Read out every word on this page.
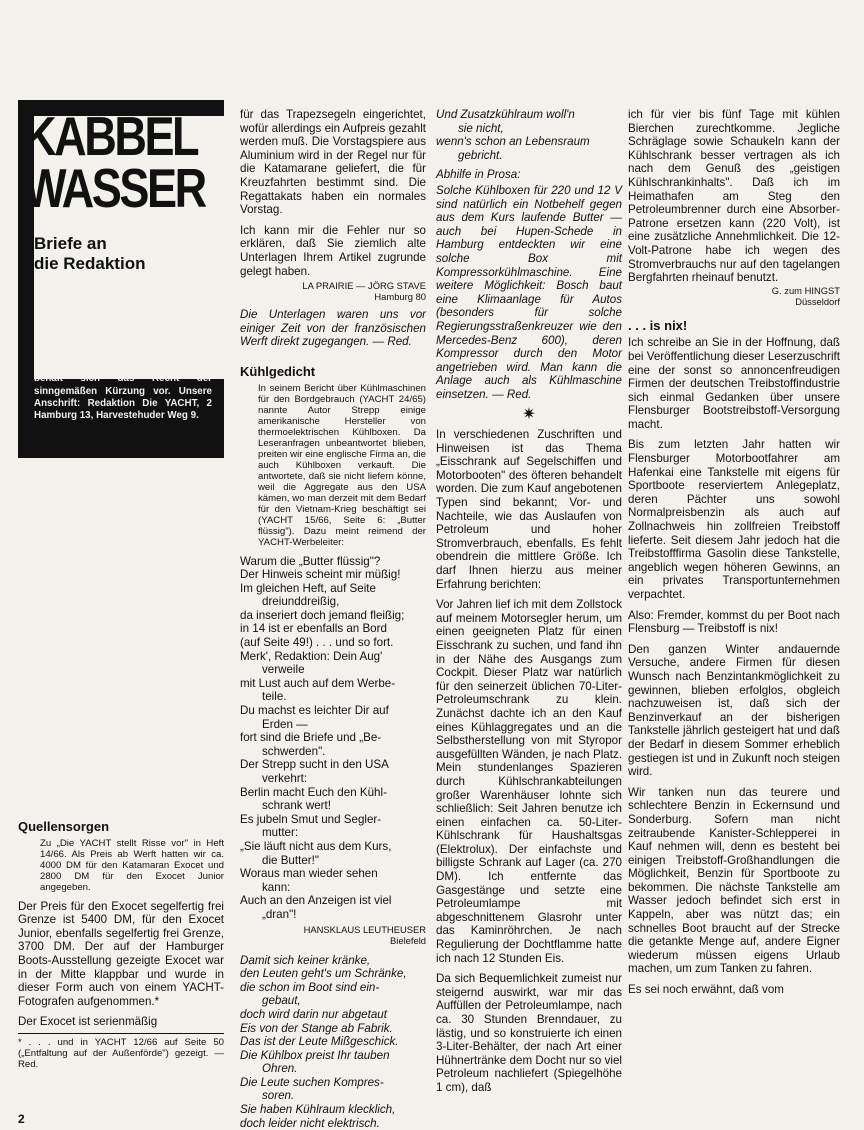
KABBEL
WASSER
Briefe an
die Redaktion
Die YACHT lädt alle Leser ein, an dieser Stelle ihre Meinung zu sagen. Der Ordnung halber sei gesagt, daß eine Lesermeinung nicht unbedingt auch die der Redaktion darstellt. Zuschriften müssen den Namen des Verfassers tragen. Die Redaktion behält sich das Recht der sinngemäßen Kürzung vor. Unsere Anschrift: Redaktion Die YACHT, 2 Hamburg 13, Harvestehuder Weg 9.
Quellensorgen

Zu „Die YACHT stellt Risse vor" in Heft 14/66. Als Preis ab Werft hatten wir ca. 4000 DM für den Katamaran Exocet und 2800 DM für den Exocet Junior angegeben.

Der Preis für den Exocet segelfertig frei Grenze ist 5400 DM, für den Exocet Junior, ebenfalls segelfertig frei Grenze, 3700 DM. Der auf der Hamburger Boots-Ausstellung gezeigte Exocet war in der Mitte klappbar und wurde in dieser Form auch von einem YACHT-Fotografen aufgenommen.*

Der Exocet ist serienmäßig

* . . . und in YACHT 12/66 auf Seite 50 („Entfaltung auf der Außenförde") gezeigt. — Red.

für das Trapezsegeln eingerichtet, wofür allerdings ein Aufpreis gezahlt werden muß. Die Vorstagspiere aus Aluminium wird in der Regel nur für die Katamarane geliefert, die für Kreuzfahrten bestimmt sind. Die Regattakats haben ein normales Vorstag.

Ich kann mir die Fehler nur so erklären, daß Sie ziemlich alte Unterlagen Ihrem Artikel zugrunde gelegt haben.

LA PRAIRIE — JÖRG STAVE
Hamburg 80

Die Unterlagen waren uns vor einiger Zeit von der französischen Werft direkt zugegangen. — Red.

Kühlgedicht

In seinem Bericht über Kühlmaschinen für den Bordgebrauch (YACHT 24/65) nannte Autor Strepp einige amerikanische Hersteller von thermoelektrischen Kühlboxen. Da Leseranfragen unbeantwortet blieben, preiten wir eine englische Firma an, die auch Kühlboxen verkauft. Die antwortete, daß sie nicht liefern könne, weil die Aggregate aus den USA kämen, wo man derzeit mit dem Bedarf für den Vietnam-Krieg beschäftigt sei (YACHT 15/66, Seite 6: „Butter flüssig"). Dazu meint reimend der YACHT-Werbeleiter:

Warum die „Butter flüssig"?
Der Hinweis scheint mir müßig!
Im gleichen Heft, auf Seite
dreiunddreißig,
da inseriert doch jemand fleißig;
in 14 ist er ebenfalls an Bord
(auf Seite 49!) . . . und so fort.
Merk', Redaktion: Dein Aug'
verweile
mit Lust auch auf dem Werbe-
teile.
Du machst es leichter Dir auf
Erden —
fort sind die Briefe und „Be-
schwerden".
Der Strepp sucht in den USA
verkehrt:
Berlin macht Euch den Kühl-
schrank wert!
Es jubeln Smut und Segler-
mutter:
„Sie läuft nicht aus dem Kurs,
die Butter!"
Woraus man wieder sehen
kann:
Auch an den Anzeigen ist viel
„dran"!
HANSKLAUS LEUTHEUSER
Bielefeld
Damit sich keiner kränke,
den Leuten geht's um Schränke,
die schon im Boot sind ein-
gebaut,
doch wird darin nur abgetaut
Eis von der Stange ab Fabrik.
Das ist der Leute Mißgeschick.
Die Kühlbox preist Ihr tauben
Ohren.
Die Leute suchen Kompres-
soren.
Sie haben Kühlraum klecklich,
doch leider nicht elektrisch.
Und Zusatzkühlraum woll'n
sie nicht,
wenn's schon an Lebensraum
gebricht.

Abhilfe in Prosa:

Solche Kühlboxen für 220 und 12 V sind natürlich ein Notbehelf gegen aus dem Kurs laufende Butter — auch bei Hupen-Schede in Hamburg entdeckten wir eine solche Box mit Kompressorkühlmaschine. Eine weitere Möglichkeit: Bosch baut eine Klimaanlage für Autos (besonders für solche Regierungsstraßenkreuzer wie den Mercedes-Benz 600), deren Kompressor durch den Motor angetrieben wird. Man kann die Anlage auch als Kühlmaschine einsetzen. — Red.

✷

In verschiedenen Zuschriften und Hinweisen ist das Thema „Eisschrank auf Segelschiffen und Motorbooten" des öfteren behandelt worden. Die zum Kauf angebotenen Typen sind bekannt; Vor- und Nachteile, wie das Auslaufen von Petroleum und hoher Stromverbrauch, ebenfalls. Es fehlt obendrein die mittlere Größe. Ich darf Ihnen hierzu aus meiner Erfahrung berichten:

Vor Jahren lief ich mit dem Zollstock auf meinem Motorsegler herum, um einen geeigneten Platz für einen Eisschrank zu suchen, und fand ihn in der Nähe des Ausgangs zum Cockpit. Dieser Platz war natürlich für den seinerzeit üblichen 70-Liter-Petroleumschrank zu klein. Zunächst dachte ich an den Kauf eines Kühlaggregates und an die Selbstherstellung von mit Styropor ausgefüllten Wänden, je nach Platz. Mein stundenlanges Spazieren durch Kühlschrankabteilungen großer Warenhäuser lohnte sich schließlich: Seit Jahren benutze ich einen einfachen ca. 50-Liter-Kühlschrank für Haushaltsgas (Elektrolux). Der einfachste und billigste Schrank auf Lager (ca. 270 DM). Ich entfernte das Gasgestänge und setzte eine Petroleumlampe mit abgeschnittenem Glasrohr unter das Kaminröhrchen. Je nach Regulierung der Dochtflamme hatte ich nach 12 Stunden Eis.

Da sich Bequemlichkeit zumeist nur steigernd auswirkt, war mir das Auffüllen der Petroleumlampe, nach ca. 30 Stunden Brenndauer, zu lästig, und so konstruierte ich einen 3-Liter-Behälter, der nach Art einer Hühnertränke dem Docht nur so viel Petroleum nachliefert (Spiegelhöhe 1 cm), daß

ich für vier bis fünf Tage mit kühlen Bierchen zurechtkomme. Jegliche Schräglage sowie Schaukeln kann der Kühlschrank besser vertragen als ich nach dem Genuß des „geistigen Kühlschrankinhalts". Daß ich im Heimathafen am Steg den Petroleumbrenner durch eine Absorber-Patrone ersetzen kann (220 Volt), ist eine zusätzliche Annehmlichkeit. Die 12-Volt-Patrone habe ich wegen des Stromverbrauchs nur auf den tagelangen Bergfahrten rheinauf benutzt.

G. zum HINGST
Düsseldorf
. . . is nix!

Ich schreibe an Sie in der Hoffnung, daß bei Veröffentlichung dieser Leserzuschrift eine der sonst so annoncenfreudigen Firmen der deutschen Treibstoffindustrie sich einmal Gedanken über unsere Flensburger Bootstreibstoff-Versorgung macht.

Bis zum letzten Jahr hatten wir Flensburger Motorbootfahrer am Hafenkai eine Tankstelle mit eigens für Sportboote reserviertem Anlegeplatz, deren Pächter uns sowohl Normalpreisbenzin als auch auf Zollnachweis hin zollfreien Treibstoff lieferte. Seit diesem Jahr jedoch hat die Treibstofffirma Gasolin diese Tankstelle, angeblich wegen höheren Gewinns, an ein privates Transportunternehmen verpachtet.

Also: Fremder, kommst du per Boot nach Flensburg — Treibstoff is nix!

Den ganzen Winter andauernde Versuche, andere Firmen für diesen Wunsch nach Benzintankmöglichkeit zu gewinnen, blieben erfolglos, obgleich nachzuweisen ist, daß sich der Benzinverkauf an der bisherigen Tankstelle jährlich gesteigert hat und daß der Bedarf in diesem Sommer erheblich gestiegen ist und in Zukunft noch steigen wird.

Wir tanken nun das teurere und schlechtere Benzin in Eckernsund und Sonderburg. Sofern man nicht zeitraubende Kanister-Schlepperei in Kauf nehmen will, denn es besteht bei einigen Treibstoff-Großhandlungen die Möglichkeit, Benzin für Sportboote zu bekommen. Die nächste Tankstelle am Wasser jedoch befindet sich erst in Kappeln, aber was nützt das; ein schnelles Boot braucht auf der Strecke die getankte Menge auf, andere Eigner wiederum müssen eigens Urlaub machen, um zum Tanken zu fahren.

Es sei noch erwähnt, daß vom

2
